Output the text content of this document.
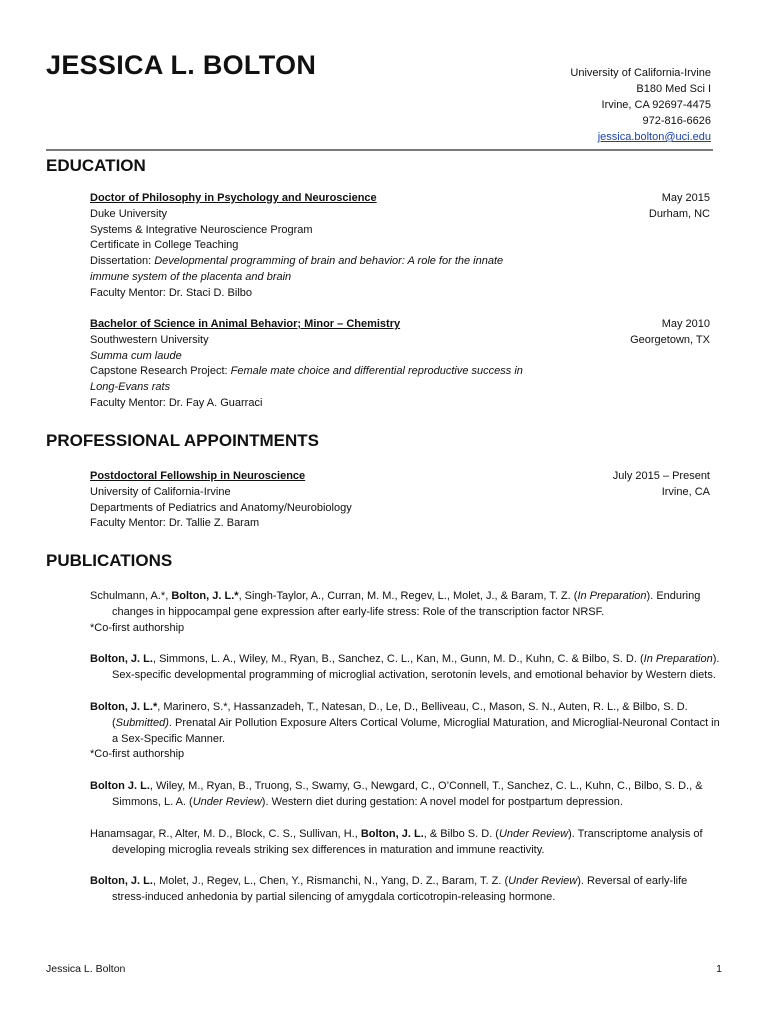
JESSICA L. BOLTON	University of California-Irvine
B180 Med Sci I
Irvine, CA 92697-4475
972-816-6626
jessica.bolton@uci.edu
EDUCATION
Doctor of Philosophy in Psychology and Neuroscience
Duke University
Systems & Integrative Neuroscience Program
Certificate in College Teaching
Dissertation: Developmental programming of brain and behavior: A role for the innate immune system of the placenta and brain
Faculty Mentor: Dr. Staci D. Bilbo
May 2015
Durham, NC
Bachelor of Science in Animal Behavior; Minor – Chemistry
Southwestern University
Summa cum laude
Capstone Research Project: Female mate choice and differential reproductive success in Long-Evans rats
Faculty Mentor: Dr. Fay A. Guarraci
May 2010
Georgetown, TX
PROFESSIONAL APPOINTMENTS
Postdoctoral Fellowship in Neuroscience
University of California-Irvine
Departments of Pediatrics and Anatomy/Neurobiology
Faculty Mentor: Dr. Tallie Z. Baram
July 2015 – Present
Irvine, CA
PUBLICATIONS
Schulmann, A.*, Bolton, J. L.*, Singh-Taylor, A., Curran, M. M., Regev, L., Molet, J., & Baram, T. Z. (In Preparation). Enduring changes in hippocampal gene expression after early-life stress: Role of the transcription factor NRSF.
*Co-first authorship
Bolton, J. L., Simmons, L. A., Wiley, M., Ryan, B., Sanchez, C. L., Kan, M., Gunn, M. D., Kuhn, C. & Bilbo, S. D. (In Preparation). Sex-specific developmental programming of microglial activation, serotonin levels, and emotional behavior by Western diets.
Bolton, J. L.*, Marinero, S.*, Hassanzadeh, T., Natesan, D., Le, D., Belliveau, C., Mason, S. N., Auten, R. L., & Bilbo, S. D. (Submitted). Prenatal Air Pollution Exposure Alters Cortical Volume, Microglial Maturation, and Microglial-Neuronal Contact in a Sex-Specific Manner.
*Co-first authorship
Bolton J. L., Wiley, M., Ryan, B., Truong, S., Swamy, G., Newgard, C., O’Connell, T., Sanchez, C. L., Kuhn, C., Bilbo, S. D., & Simmons, L. A. (Under Review). Western diet during gestation: A novel model for postpartum depression.
Hanamsagar, R., Alter, M. D., Block, C. S., Sullivan, H., Bolton, J. L., & Bilbo S. D. (Under Review). Transcriptome analysis of developing microglia reveals striking sex differences in maturation and immune reactivity.
Bolton, J. L., Molet, J., Regev, L., Chen, Y., Rismanchi, N., Yang, D. Z., Baram, T. Z. (Under Review). Reversal of early-life stress-induced anhedonia by partial silencing of amygdala corticotropin-releasing hormone.
Jessica L. Bolton	1
